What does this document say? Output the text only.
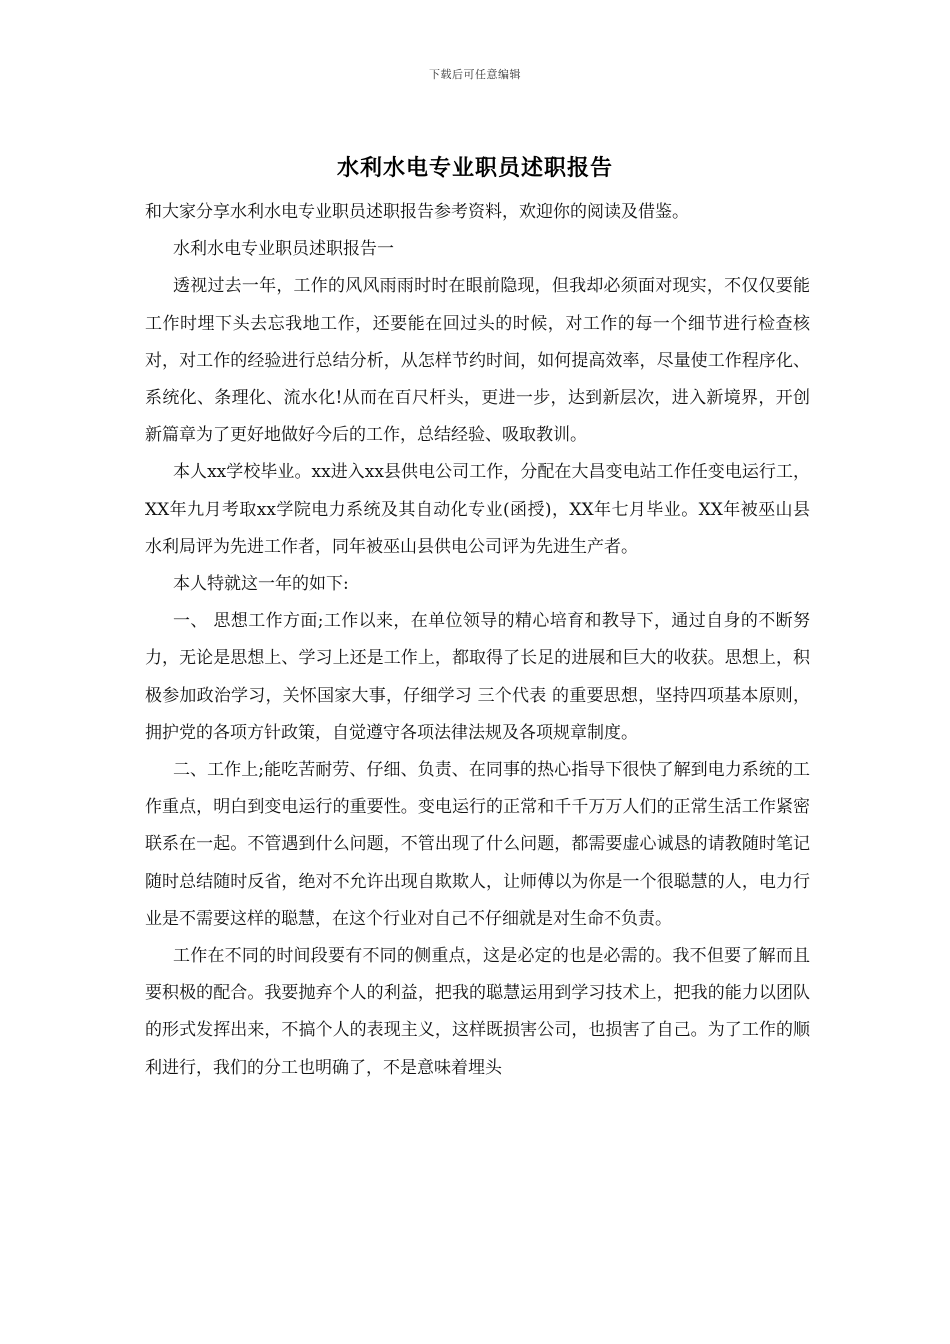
下载后可任意编辑
水利水电专业职员述职报告

和大家分享水利水电专业职员述职报告参考资料，欢迎你的阅读及借鉴。

水利水电专业职员述职报告一

透视过去一年，工作的风风雨雨时时在眼前隐现，但我却必须面对现实，不仅仅要能工作时埋下头去忘我地工作，还要能在回过头的时候，对工作的每一个细节进行检查核对，对工作的经验进行总结分析，从怎样节约时间，如何提高效率，尽量使工作程序化、系统化、条理化、流水化!从而在百尺杆头，更进一步，达到新层次，进入新境界，开创新篇章为了更好地做好今后的工作，总结经验、吸取教训。

本人xx学校毕业。xx进入xx县供电公司工作，分配在大昌变电站工作任变电运行工，XX年九月考取xx学院电力系统及其自动化专业(函授)，XX年七月毕业。XX年被巫山县水利局评为先进工作者，同年被巫山县供电公司评为先进生产者。

本人特就这一年的如下:

一、 思想工作方面;工作以来，在单位领导的精心培育和教导下，通过自身的不断努力，无论是思想上、学习上还是工作上，都取得了长足的进展和巨大的收获。思想上，积极参加政治学习，关怀国家大事，仔细学习 三个代表 的重要思想，坚持四项基本原则，拥护党的各项方针政策，自觉遵守各项法律法规及各项规章制度。

二、工作上;能吃苦耐劳、仔细、负责、在同事的热心指导下很快了解到电力系统的工作重点，明白到变电运行的重要性。变电运行的正常和千千万万人们的正常生活工作紧密联系在一起。不管遇到什么问题，不管出现了什么问题，都需要虚心诚恳的请教随时笔记随时总结随时反省，绝对不允许出现自欺欺人，让师傅以为你是一个很聪慧的人，电力行业是不需要这样的聪慧，在这个行业对自己不仔细就是对生命不负责。

工作在不同的时间段要有不同的侧重点，这是必定的也是必需的。我不但要了解而且要积极的配合。我要抛弃个人的利益，把我的聪慧运用到学习技术上，把我的能力以团队的形式发挥出来，不搞个人的表现主义，这样既损害公司，也损害了自己。为了工作的顺利进行，我们的分工也明确了，不是意味着埋头
